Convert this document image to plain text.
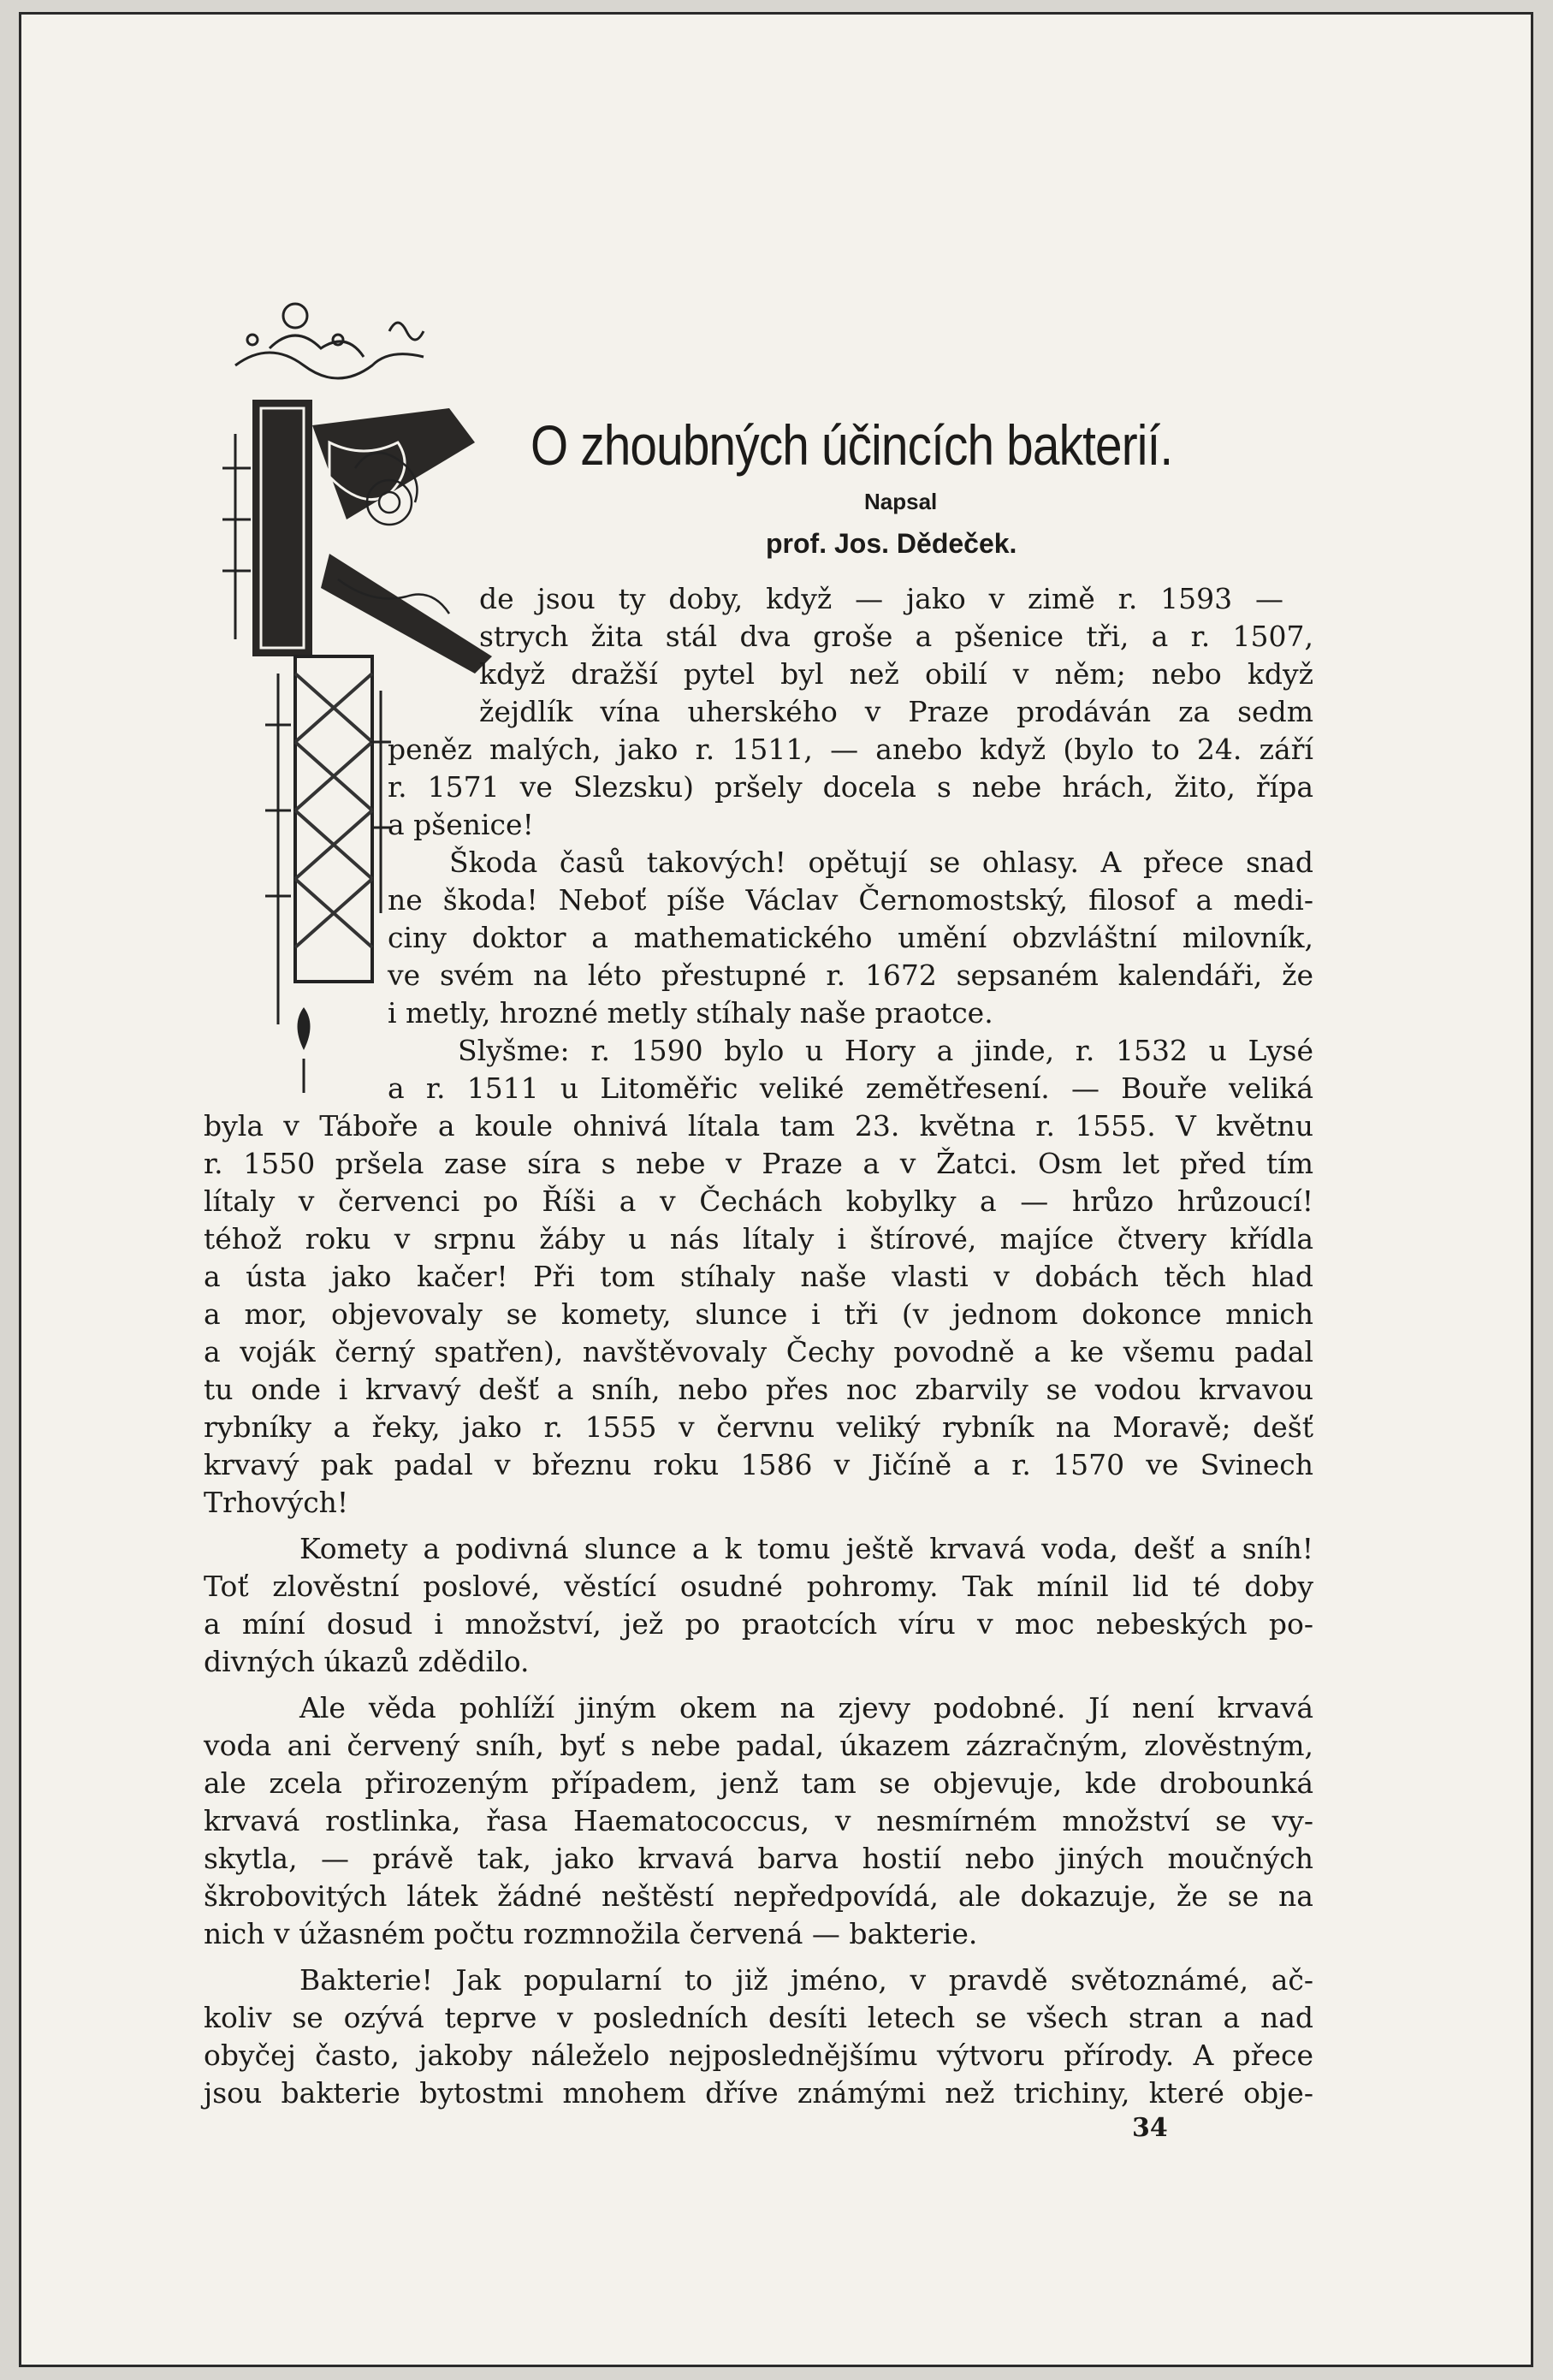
O zhoubných účincích bakterií.
Napsal
prof. Jos. Dědeček.
de jsou ty doby, když — jako v zimě r. 1593 —
strych žita stál dva groše a pšenice tři, a r. 1507,
když dražší pytel byl než obilí v něm; nebo když
žejdlík vína uherského v Praze prodáván za sedm
peněz malých, jako r. 1511, — anebo když (bylo to 24. září
r. 1571 ve Slezsku) pršely docela s nebe hrách, žito, řípa
a pšenice!
Škoda časů takových! opětují se ohlasy. A přece snad
ne škoda! Neboť píše Václav Černomostský, filosof a medi-
ciny doktor a mathematického umění obzvláštní milovník,
ve svém na léto přestupné r. 1672 sepsaném kalendáři, že
i metly, hrozné metly stíhaly naše praotce.
Slyšme: r. 1590 bylo u Hory a jinde, r. 1532 u Lysé
a r. 1511 u Litoměřic veliké zemětřesení. — Bouře veliká
byla v Táboře a koule ohnivá lítala tam 23. května r. 1555. V květnu
r. 1550 pršela zase síra s nebe v Praze a v Žatci. Osm let před tím
lítaly v červenci po Říši a v Čechách kobylky a — hrůzo hrůzoucí!
téhož roku v srpnu žáby u nás lítaly i štírové, majíce čtvery křídla
a ústa jako kačer! Při tom stíhaly naše vlasti v dobách těch hlad
a mor, objevovaly se komety, slunce i tři (v jednom dokonce mnich
a voják černý spatřen), navštěvovaly Čechy povodně a ke všemu padal
tu onde i krvavý dešť a sníh, nebo přes noc zbarvily se vodou krvavou
rybníky a řeky, jako r. 1555 v červnu veliký rybník na Moravě; dešť
krvavý pak padal v březnu roku 1586 v Jičíně a r. 1570 ve Svinech
Trhových!
Komety a podivná slunce a k tomu ještě krvavá voda, dešť a sníh!
Toť zlověstní poslové, věstící osudné pohromy. Tak mínil lid té doby
a míní dosud i množství, jež po praotcích víru v moc nebeských po-
divných úkazů zdědilo.
Ale věda pohlíží jiným okem na zjevy podobné. Jí není krvavá
voda ani červený sníh, byť s nebe padal, úkazem zázračným, zlověstným,
ale zcela přirozeným případem, jenž tam se objevuje, kde drobounká
krvavá rostlinka, řasa Haematococcus, v nesmírném množství se vy-
skytla, — právě tak, jako krvavá barva hostií nebo jiných moučných
škrobovitých látek žádné neštěstí nepředpovídá, ale dokazuje, že se na
nich v úžasném počtu rozmnožila červená — bakterie.
Bakterie! Jak popularní to již jméno, v pravdě světoznámé, ač-
koliv se ozývá teprve v posledních desíti letech se všech stran a nad
obyčej často, jakoby náleželo nejposlednějšímu výtvoru přírody. A přece
jsou bakterie bytostmi mnohem dříve známými než trichiny, které obje-
34
